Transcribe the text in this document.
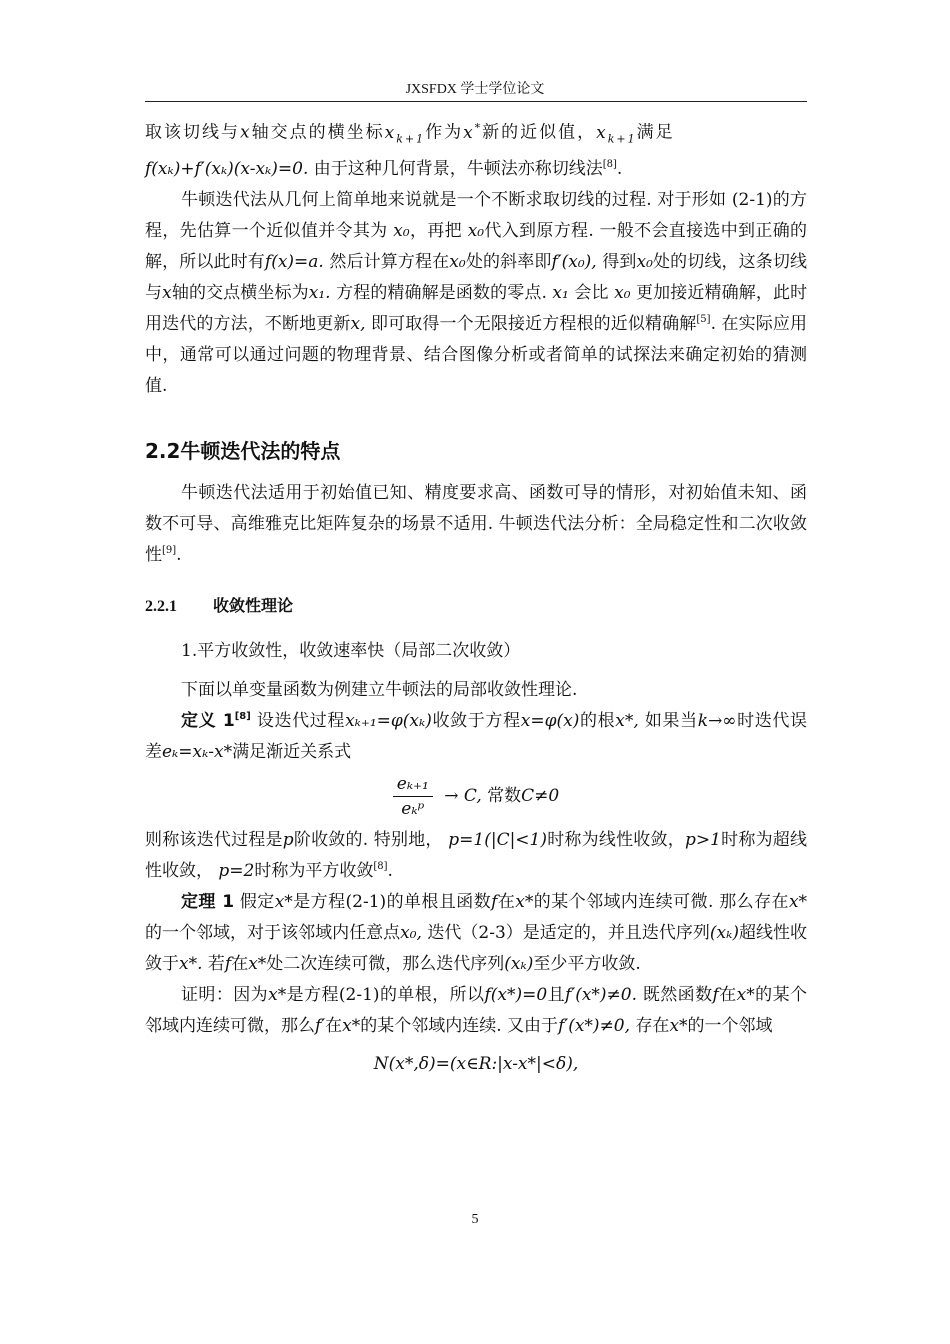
JXSFDX 学士学位论文

取该切线与x轴交点的横坐标$x_{k+1}$作为x*新的近似值，$x_{k+1}$满足

f(xₖ)+f′(xₖ)(x-xₖ)=0. 由于这种几何背景，牛顿法亦称切线法[8].

牛顿迭代法从几何上简单地来说就是一个不断求取切线的过程. 对于形如 (2-1)的方程，先估算一个近似值并令其为 x₀，再把 x₀代入到原方程. 一般不会直接选中到正确的解，所以此时有f(x)=a. 然后计算方程在x₀处的斜率即f′(x₀), 得到x₀处的切线，这条切线与x轴的交点横坐标为x₁. 方程的精确解是函数的零点. x₁ 会比 x₀ 更加接近精确解，此时用迭代的方法，不断地更新x, 即可取得一个无限接近方程根的近似精确解[5]. 在实际应用中，通常可以通过问题的物理背景、结合图像分析或者简单的试探法来确定初始的猜测值.

2.2牛顿迭代法的特点

牛顿迭代法适用于初始值已知、精度要求高、函数可导的情形，对初始值未知、函数不可导、高维雅克比矩阵复杂的场景不适用. 牛顿迭代法分析：全局稳定性和二次收敛性[9].

2.2.1 收敛性理论

1.平方收敛性，收敛速率快（局部二次收敛）

下面以单变量函数为例建立牛顿法的局部收敛性理论.

定义 1[8] 设迭代过程xₖ₊₁=φ(xₖ)收敛于方程x=φ(x)的根x*, 如果当k→∞时迭代误差eₖ=xₖ-x*满足渐近关系式

$\frac{\text{eₖ₊₁}}{\text{eₖᵖ}} \to C$, 常数C≠0

则称该迭代过程是p阶收敛的. 特别地， p=1(|C|<1)时称为线性收敛，p>1时称为超线性收敛， p=2时称为平方收敛[8].

定理 1 假定x*是方程(2-1)的单根且函数f在x*的某个邻域内连续可微. 那么存在x*的一个邻域，对于该邻域内任意点x₀, 迭代（2-3）是适定的，并且迭代序列(xₖ)超线性收敛于x*. 若f在x*处二次连续可微，那么迭代序列(xₖ)至少平方收敛.

证明：因为x*是方程(2-1)的单根，所以f(x*)=0且f′(x*)≠0. 既然函数f在x*的某个邻域内连续可微，那么f′在x*的某个邻域内连续. 又由于f′(x*)≠0, 存在x*的一个邻域

N(x*,δ)=(x∈R:|x-x*|<δ),
5
